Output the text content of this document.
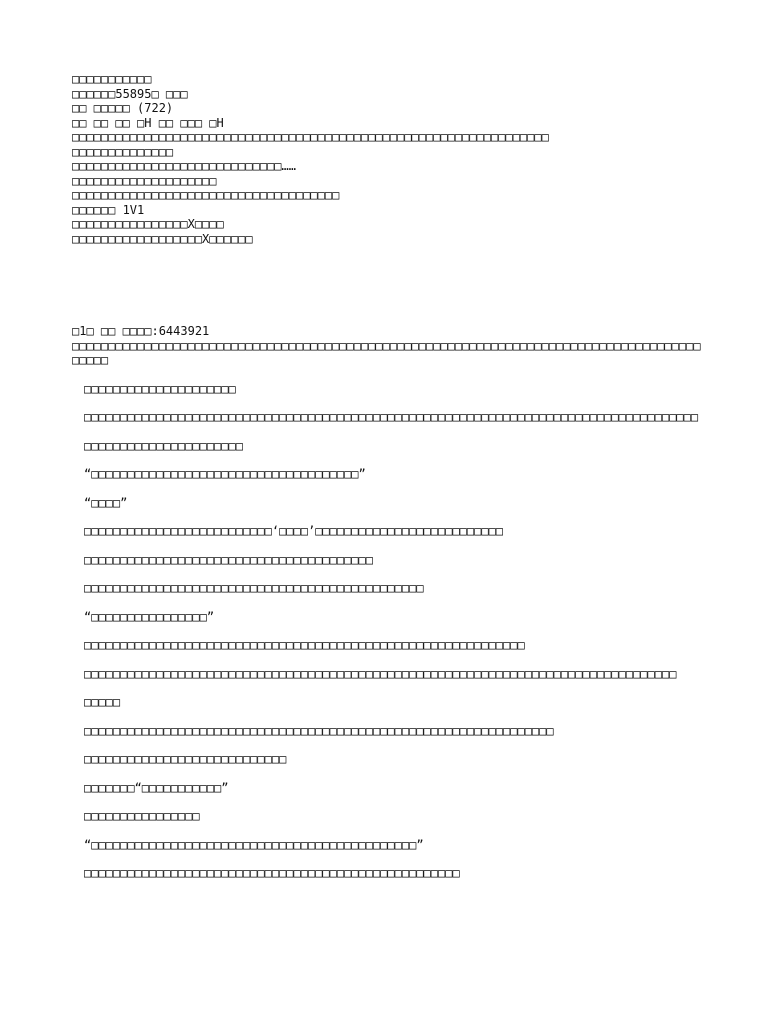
□□□□□□□□□□□
□□□□□□55895□ □□□
□□ □□□□□ (722)
□□ □□ □□ □H □□ □□□ □H
□□□□□□□□□□□□□□□□□□□□□□□□□□□□□□□□□□□□□□□□□□□□□□□□□□□□□□□□□□□□□□□□□□
□□□□□□□□□□□□□□
□□□□□□□□□□□□□□□□□□□□□□□□□□□□□……
□□□□□□□□□□□□□□□□□□□□
□□□□□□□□□□□□□□□□□□□□□□□□□□□□□□□□□□□□□
□□□□□□ 1V1
□□□□□□□□□□□□□□□□X□□□□
□□□□□□□□□□□□□□□□□□X□□□□□□
□1□ □□ □□□□:6443921
□□□□□□□□□□□□□□□□□□□□□□□□□□□□□□□□□□□□□□□□□□□□□□□□□□□□□□□□□□□□□□□□□□□□□□□□□□□□□□□□□□□□□□□□□□□□
□□□□□□□□□□□□□□□□□□□□□
□□□□□□□□□□□□□□□□□□□□□□□□□□□□□□□□□□□□□□□□□□□□□□□□□□□□□□□□□□□□□□□□□□□□□□□□□□□□□□□□□□□□□
□□□□□□□□□□□□□□□□□□□□□□
“□□□□□□□□□□□□□□□□□□□□□□□□□□□□□□□□□□□□□”
“□□□□”
□□□□□□□□□□□□□□□□□□□□□□□□□□‘□□□□’□□□□□□□□□□□□□□□□□□□□□□□□□□
□□□□□□□□□□□□□□□□□□□□□□□□□□□□□□□□□□□□□□□□
□□□□□□□□□□□□□□□□□□□□□□□□□□□□□□□□□□□□□□□□□□□□□□□
“□□□□□□□□□□□□□□□□”
□□□□□□□□□□□□□□□□□□□□□□□□□□□□□□□□□□□□□□□□□□□□□□□□□□□□□□□□□□□□□
□□□□□□□□□□□□□□□□□□□□□□□□□□□□□□□□□□□□□□□□□□□□□□□□□□□□□□□□□□□□□□□□□□□□□□□□□□□□□□□□□□
□□□□□
□□□□□□□□□□□□□□□□□□□□□□□□□□□□□□□□□□□□□□□□□□□□□□□□□□□□□□□□□□□□□□□□□
□□□□□□□□□□□□□□□□□□□□□□□□□□□□
□□□□□□□“□□□□□□□□□□□”
□□□□□□□□□□□□□□□□
“□□□□□□□□□□□□□□□□□□□□□□□□□□□□□□□□□□□□□□□□□□□□□”
□□□□□□□□□□□□□□□□□□□□□□□□□□□□□□□□□□□□□□□□□□□□□□□□□□□□
